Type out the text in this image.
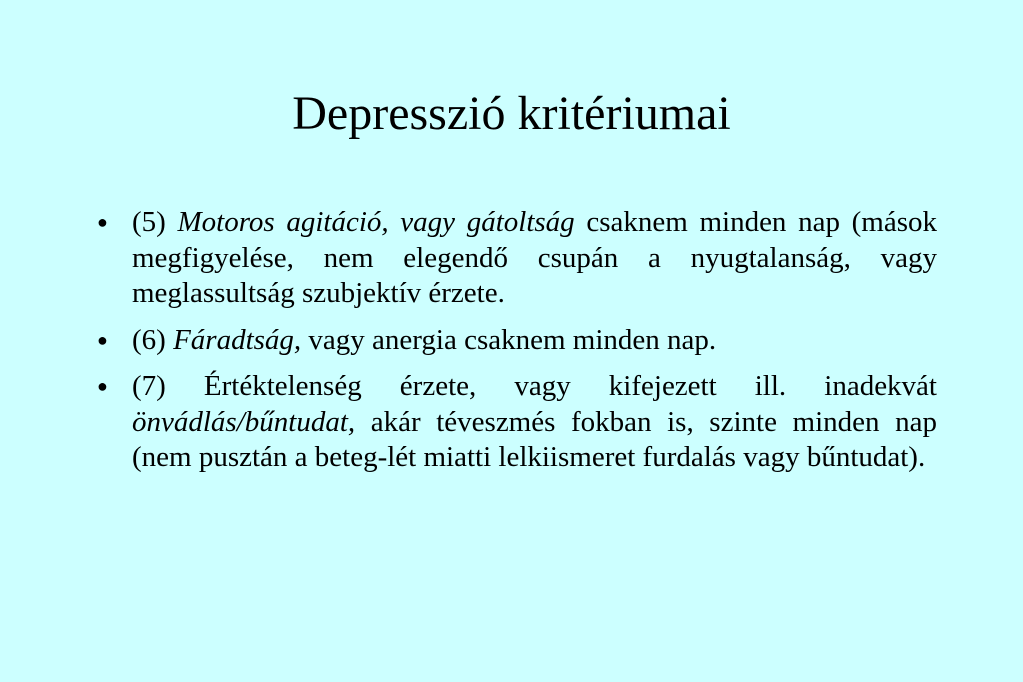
Depresszió kritériumai
● (5) Motoros agitáció, vagy gátoltság csaknem minden nap (mások megfigyelése, nem elegendő csupán a nyugtalanság, vagy meglassultság szubjektív érzete.
● (6) Fáradtság, vagy anergia csaknem minden nap.
● (7) Értéktelenség érzete, vagy kifejezett ill. inadekvát önvádlás/bűntudat, akár téveszmés fokban is, szinte minden nap (nem pusztán a beteg-lét miatti lelkiismeret furdalás vagy bűntudat).
